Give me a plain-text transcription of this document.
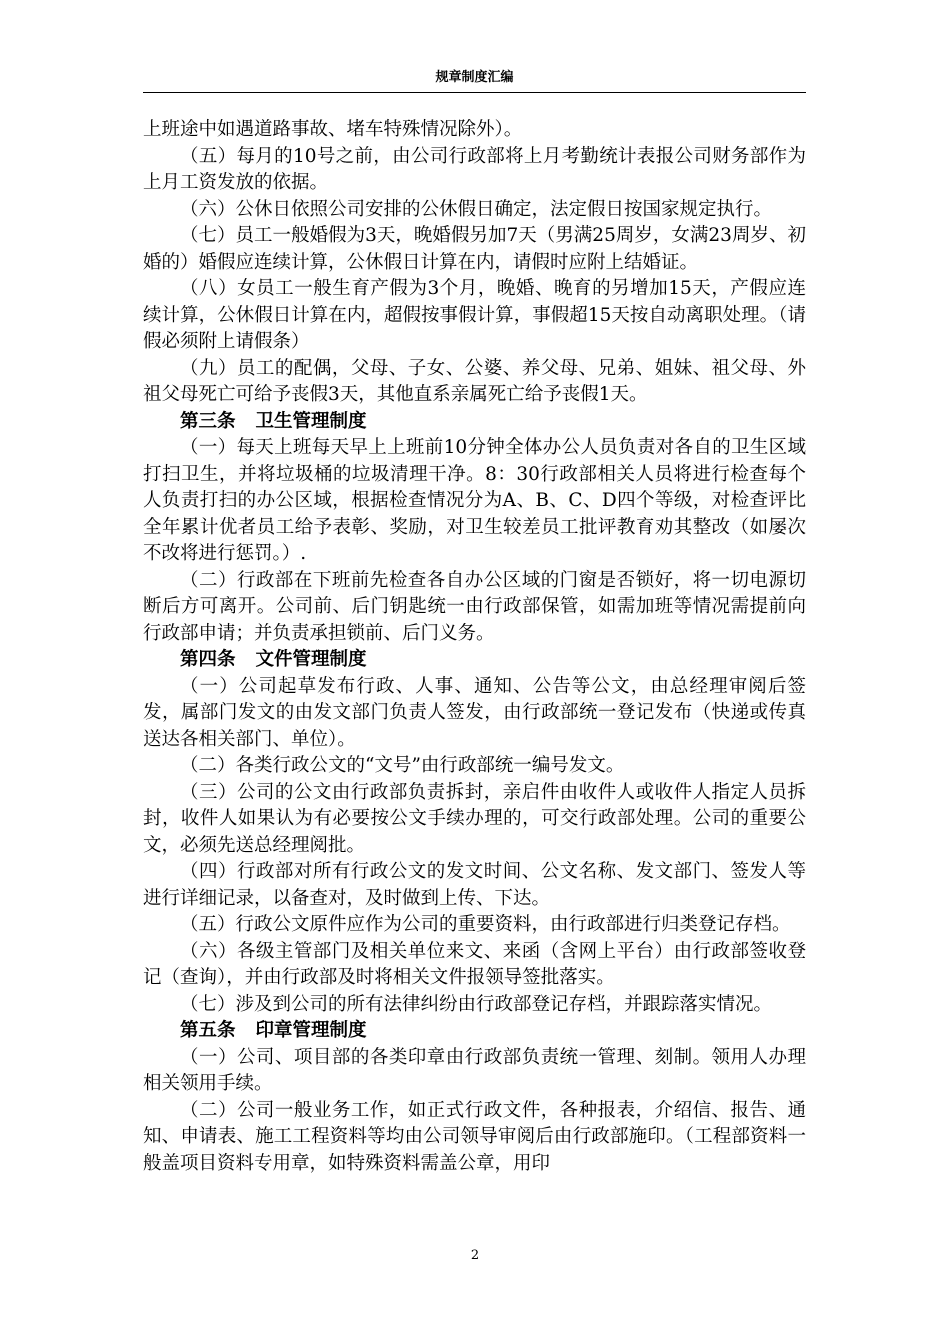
规章制度汇编

上班途中如遇道路事故、堵车特殊情况除外）。

（五）每月的10号之前，由公司行政部将上月考勤统计表报公司财务部作为上月工资发放的依据。

（六）公休日依照公司安排的公休假日确定，法定假日按国家规定执行。

（七）员工一般婚假为3天，晚婚假另加7天（男满25周岁，女满23周岁、初婚的）婚假应连续计算，公休假日计算在内，请假时应附上结婚证。

（八）女员工一般生育产假为3个月，晚婚、晚育的另增加15天，产假应连续计算，公休假日计算在内，超假按事假计算，事假超15天按自动离职处理。（请假必须附上请假条）

（九）员工的配偶，父母、子女、公婆、养父母、兄弟、姐妹、祖父母、外祖父母死亡可给予丧假3天，其他直系亲属死亡给予丧假1天。

第三条 卫生管理制度

（一）每天上班每天早上上班前10分钟全体办公人员负责对各自的卫生区域打扫卫生，并将垃圾桶的垃圾清理干净。8：30行政部相关人员将进行检查每个人负责打扫的办公区域，根据检查情况分为A、B、C、D四个等级，对检查评比全年累计优者员工给予表彰、奖励，对卫生较差员工批评教育劝其整改（如屡次不改将进行惩罚。）.

（二）行政部在下班前先检查各自办公区域的门窗是否锁好，将一切电源切断后方可离开。公司前、后门钥匙统一由行政部保管，如需加班等情况需提前向行政部申请；并负责承担锁前、后门义务。

第四条 文件管理制度

（一）公司起草发布行政、人事、通知、公告等公文，由总经理审阅后签发，属部门发文的由发文部门负责人签发，由行政部统一登记发布（快递或传真送达各相关部门、单位）。

（二）各类行政公文的“文号”由行政部统一编号发文。

（三）公司的公文由行政部负责拆封，亲启件由收件人或收件人指定人员拆封，收件人如果认为有必要按公文手续办理的，可交行政部处理。公司的重要公文，必须先送总经理阅批。

（四）行政部对所有行政公文的发文时间、公文名称、发文部门、签发人等进行详细记录，以备查对，及时做到上传、下达。

（五）行政公文原件应作为公司的重要资料，由行政部进行归类登记存档。

（六）各级主管部门及相关单位来文、来函（含网上平台）由行政部签收登记（查询），并由行政部及时将相关文件报领导签批落实。

（七）涉及到公司的所有法律纠纷由行政部登记存档，并跟踪落实情况。

第五条 印章管理制度

（一）公司、项目部的各类印章由行政部负责统一管理、刻制。领用人办理相关领用手续。

（二）公司一般业务工作，如正式行政文件，各种报表，介绍信、报告、通知、申请表、施工工程资料等均由公司领导审阅后由行政部施印。（工程部资料一般盖项目资料专用章，如特殊资料需盖公章，用印

2
